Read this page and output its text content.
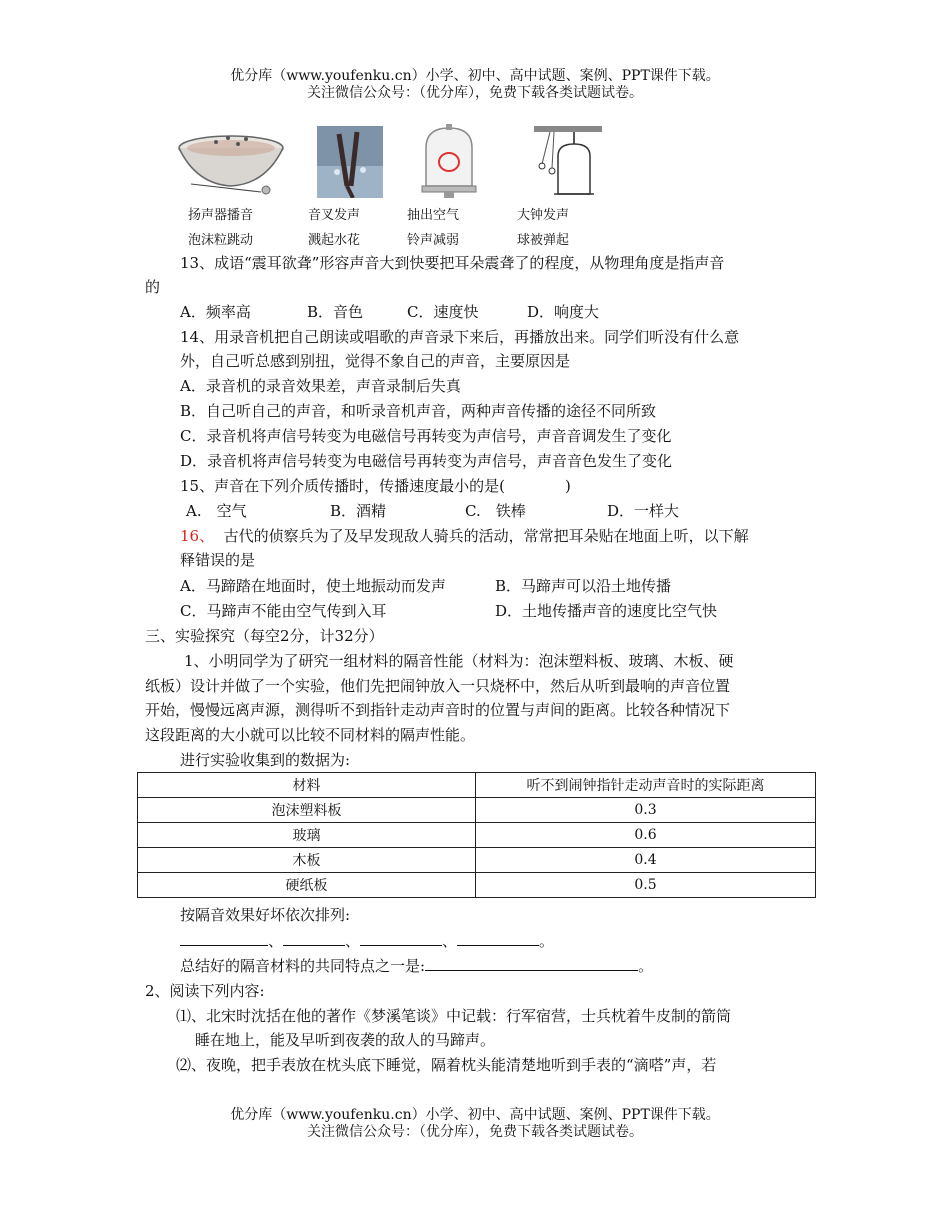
优分库（www.youfenku.cn）小学、初中、高中试题、案例、PPT课件下载。
关注微信公众号：（优分库），免费下载各类试题试卷。
扬声器播音
泡沫粒跳动
音叉发声
溅起水花
抽出空气
铃声减弱
大钟发声
球被弹起
13、成语“震耳欲聋”形容声音大到快要把耳朵震聋了的程度，从物理角度是指声音
的
A．频率高	B．音色	C．速度快	D．响度大
14、用录音机把自己朗读或唱歌的声音录下来后，再播放出来。同学们听没有什么意
外，自己听总感到别扭，觉得不象自己的声音，主要原因是
A．录音机的录音效果差，声音录制后失真
B．自己听自己的声音，和听录音机声音，两种声音传播的途径不同所致
C．录音机将声信号转变为电磁信号再转变为声信号，声音音调发生了变化
D．录音机将声信号转变为电磁信号再转变为声信号，声音音色发生了变化
15、声音在下列介质传播时，传播速度最小的是(　　　　)
A.　空气	B．酒精	C.　铁棒	D．一样大
16、 古代的侦察兵为了及早发现敌人骑兵的活动，常常把耳朵贴在地面上听，以下解
释错误的是
A．马蹄踏在地面时，使土地振动而发声	B．马蹄声可以沿土地传播
C．马蹄声不能由空气传到入耳	D．土地传播声音的速度比空气快
三、实验探究（每空2分，计32分）
1、小明同学为了研究一组材料的隔音性能（材料为：泡沫塑料板、玻璃、木板、硬
纸板）设计并做了一个实验，他们先把闹钟放入一只烧杯中，然后从听到最响的声音位置
开始，慢慢远离声源，测得听不到指针走动声音时的位置与声间的距离。比较各种情况下
这段距离的大小就可以比较不同材料的隔声性能。
进行实验收集到的数据为:
材料	听不到闹钟指针走动声音时的实际距离
泡沫塑料板	0.3
玻璃	0.6
木板	0.4
硬纸板	0.5
按隔音效果好坏依次排列:
、	、	、	。
总结好的隔音材料的共同特点之一是:	。
2、阅读下列内容:
⑴、北宋时沈括在他的著作《梦溪笔谈》中记载：行军宿营，士兵枕着牛皮制的箭筒
睡在地上，能及早听到夜袭的敌人的马蹄声。
⑵、夜晚，把手表放在枕头底下睡觉，隔着枕头能清楚地听到手表的“滴嗒”声，若
优分库（www.youfenku.cn）小学、初中、高中试题、案例、PPT课件下载。
关注微信公众号：（优分库），免费下载各类试题试卷。
